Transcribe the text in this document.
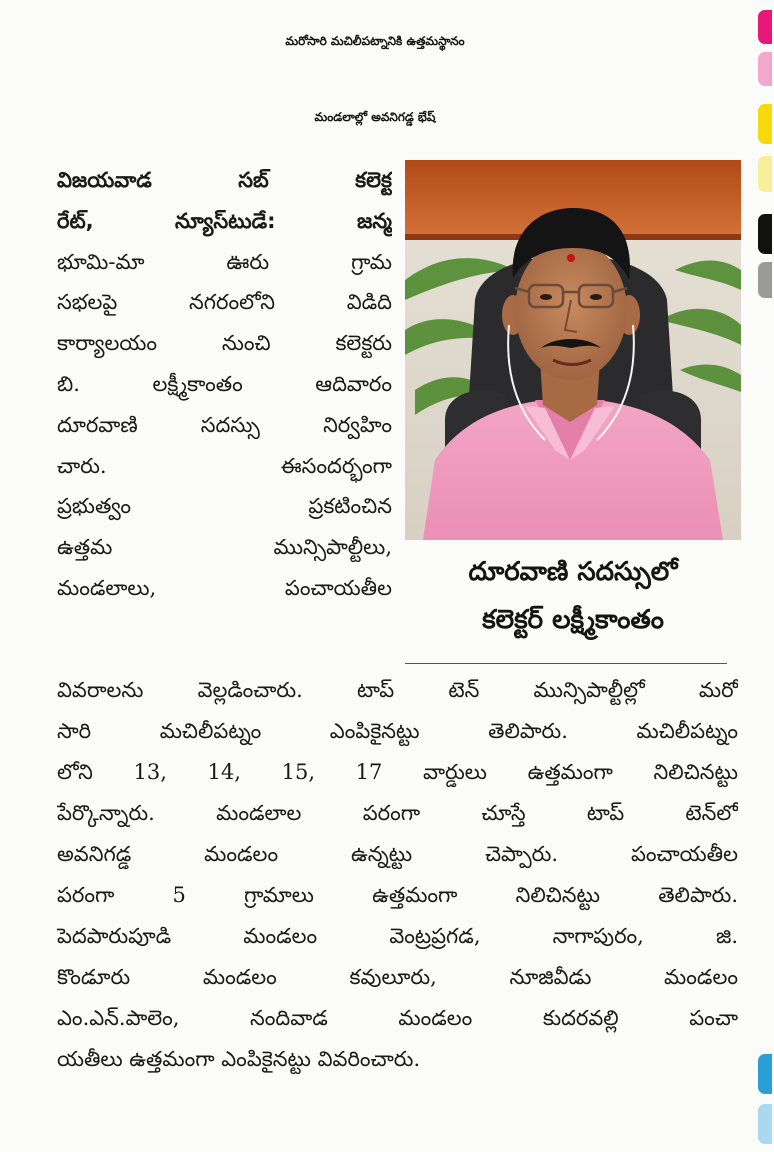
మరోసారి మచిలీపట్నానికి ఉత్తమస్థానం
మండలాల్లో అవనిగడ్డ భేష్
దూరవాణి సదస్సులో
కలెక్టర్ లక్ష్మీకాంతం
విజయవాడ సబ్ కలెక్ట
రేట్, న్యూస్‌టుడే: జన్మ
భూమి-మా ఊరు గ్రామ
సభలపై నగరంలోని విడిది
కార్యాలయం నుంచి కలెక్టరు
బి. లక్ష్మీకాంతం ఆదివారం
దూరవాణి సదస్సు నిర్వహిం
చారు. ఈసందర్భంగా
ప్రభుత్వం ప్రకటించిన
ఉత్తమ మున్సిపాల్టీలు,
మండలాలు, పంచాయతీల
వివరాలను వెల్లడించారు. టాప్ టెన్ మున్సిపాల్టీల్లో మరో
సారి మచిలీపట్నం ఎంపికైనట్టు తెలిపారు. మచిలీపట్నం
లోని 13, 14, 15, 17 వార్డులు ఉత్తమంగా నిలిచినట్టు
పేర్కొన్నారు. మండలాల పరంగా చూస్తే టాప్ టెన్‌లో
అవనిగడ్డ మండలం ఉన్నట్టు చెప్పారు. పంచాయతీల
పరంగా 5 గ్రామాలు ఉత్తమంగా నిలిచినట్టు తెలిపారు.
పెదపారుపూడి మండలం వెంట్రప్రగడ, నాగాపురం, జి.
కొండూరు మండలం కవులూరు, నూజివీడు మండలం
ఎం.ఎన్.పాలెం, నందివాడ మండలం కుదరవల్లి పంచా
యతీలు ఉత్తమంగా ఎంపికైనట్టు వివరించారు.
